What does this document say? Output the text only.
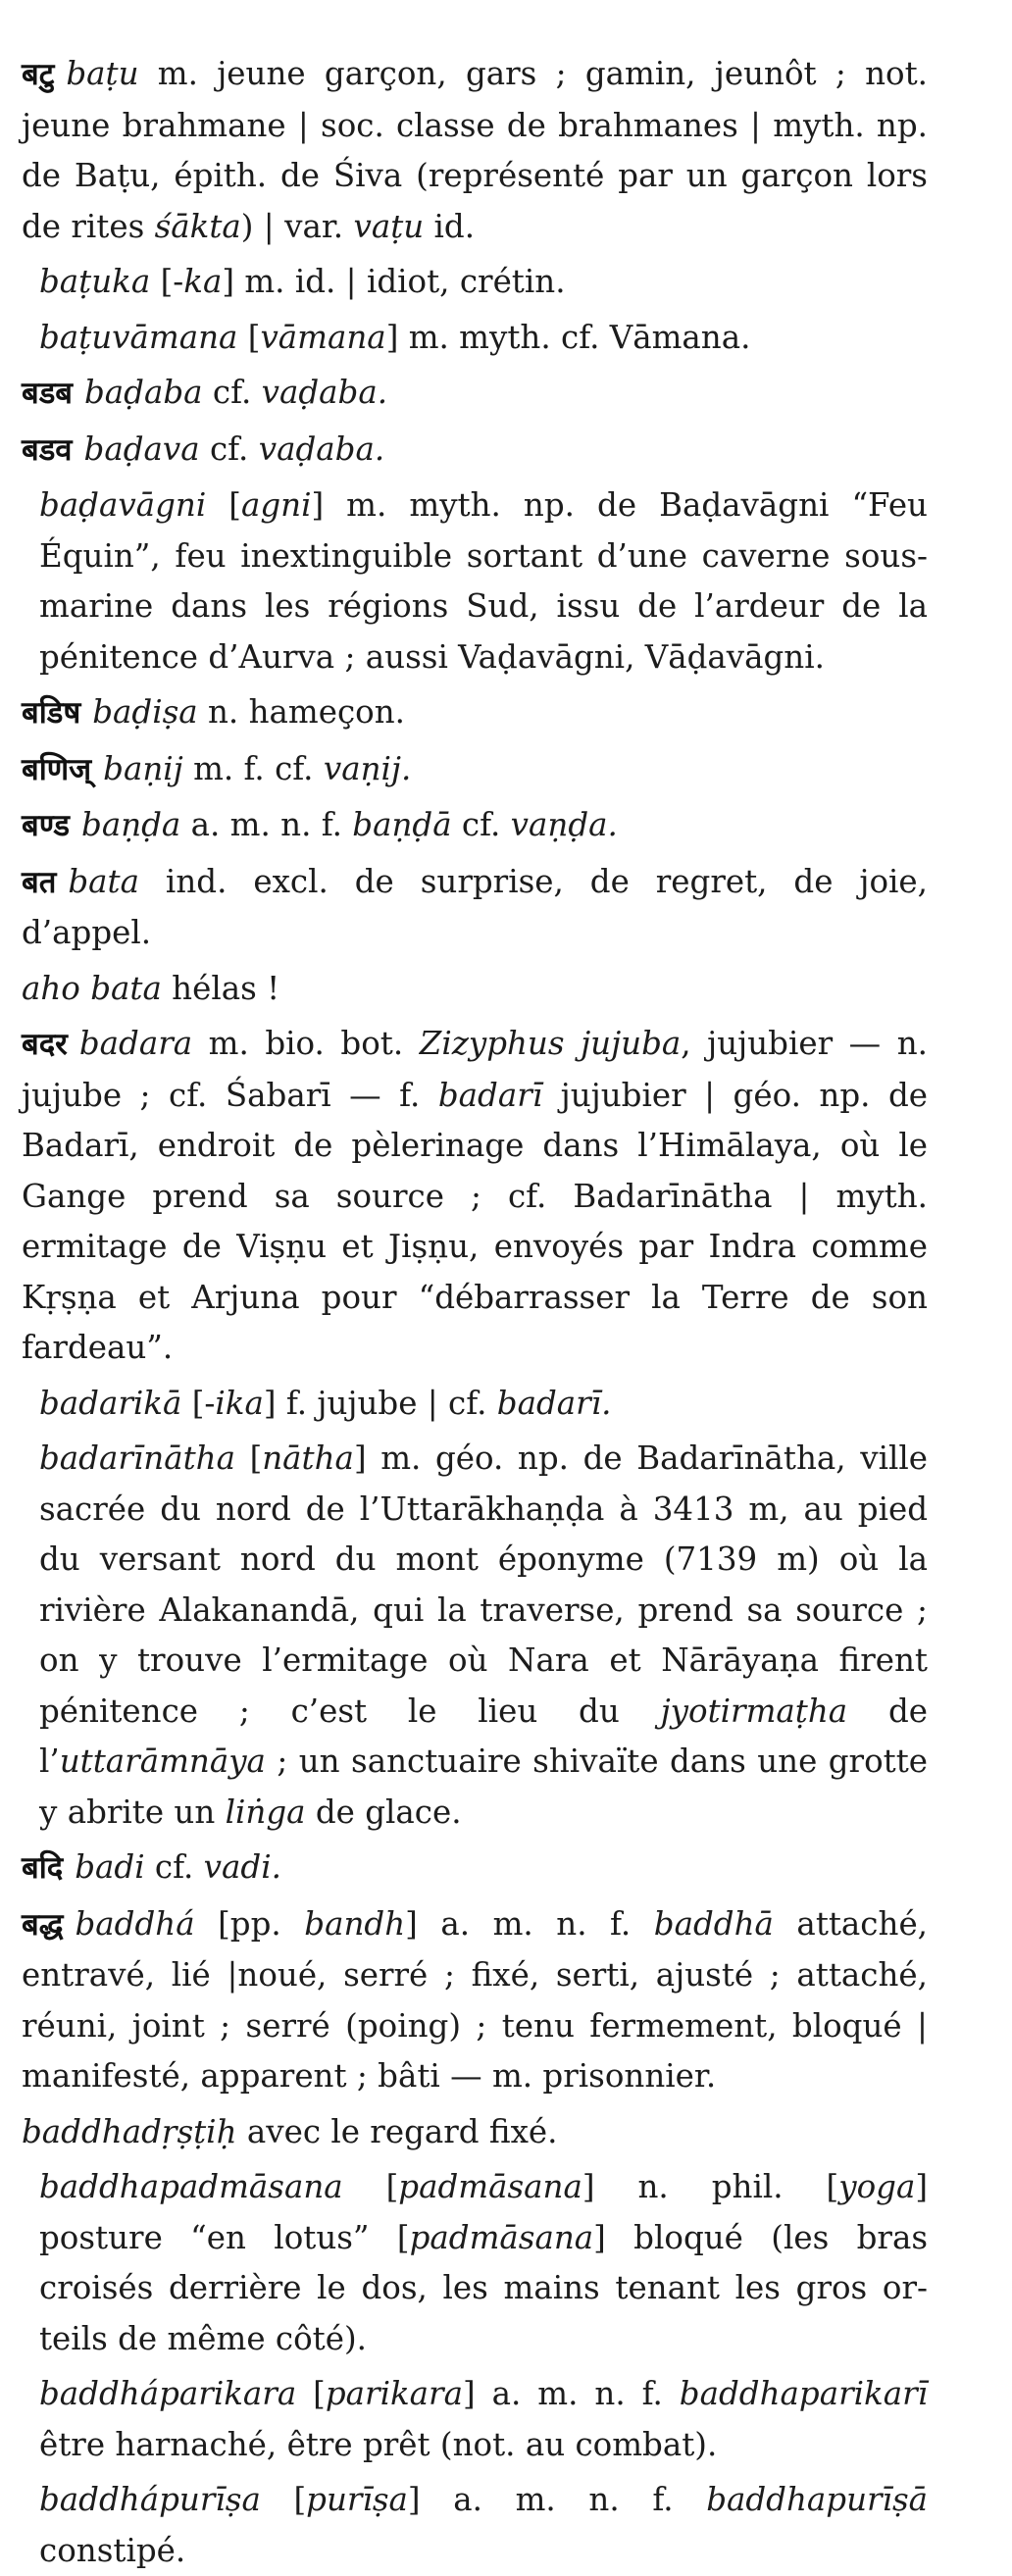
बटु baṭu m. jeune garçon, gars ; gamin, jeunôt ; not. jeune brahmane | soc. classe de brahmanes | myth. np. de Baṭu, épith. de Śiva (représenté par un garçon lors de rites śākta) | var. vaṭu id.

baṭuka [-ka] m. id. | idiot, crétin.

baṭuvāmana [vāmana] m. myth. cf. Vāmana.

बडब baḍaba cf. vaḍaba.

बडव baḍava cf. vaḍaba.

baḍavāgni [agni] m. myth. np. de Baḍavāgni “Feu Équin”, feu inextinguible sortant d’une caverne sous-marine dans les régions Sud, issu de l’ardeur de la pénitence d’Aurva ; aussi Vaḍavāgni, Vāḍavāgni.

बडिष baḍiṣa n. hameçon.

बणिज् baṇij m. f. cf. vaṇij.

बण्ड baṇḍa a. m. n. f. baṇḍā cf. vaṇḍa.

बत bata ind. excl. de surprise, de regret, de joie, d’appel.

aho bata hélas !

बदर badara m. bio. bot. Zizyphus jujuba, jujubier — n. jujube ; cf. Śabarī — f. badarī jujubier | géo. np. de Badarī, endroit de pèlerinage dans l’Himālaya, où le Gange prend sa source ; cf. Badarīnātha | myth. ermitage de Viṣṇu et Jiṣṇu, envoyés par Indra comme Kṛṣṇa et Arjuna pour “débarrasser la Terre de son fardeau”.

badarikā [-ika] f. jujube | cf. badarī.

badarīnātha [nātha] m. géo. np. de Badarīnātha, ville sacrée du nord de l’Uttarākhaṇḍa à 3413 m, au pied du versant nord du mont éponyme (7139 m) où la rivière Alakanandā, qui la traverse, prend sa source ; on y trouve l’ermitage où Nara et Nārāyaṇa firent pénitence ; c’est le lieu du jyotirmaṭha de l’uttarāmnāya ; un sanctuaire shivaïte dans une grotte y abrite un liṅga de glace.

बदि badi cf. vadi.

बद्ध baddhá [pp. bandh] a. m. n. f. baddhā attaché, entravé, lié |noué, serré ; fixé, serti, ajusté ; attaché, réuni, joint ; serré (poing) ; tenu fermement, bloqué | manifesté, apparent ; bâti — m. prisonnier.

baddhadṛṣṭiḥ avec le regard fixé.

baddhapadmāsana [padmāsana] n. phil. [yoga] posture “en lotus” [padmāsana] bloqué (les bras croisés derrière le dos, les mains tenant les gros orteils de même côté).

baddháparikara [parikara] a. m. n. f. baddhaparikarī être harnaché, être prêt (not. au combat).

baddhápurīṣa [purīṣa] a. m. n. f. baddhapurīṣā constipé.
